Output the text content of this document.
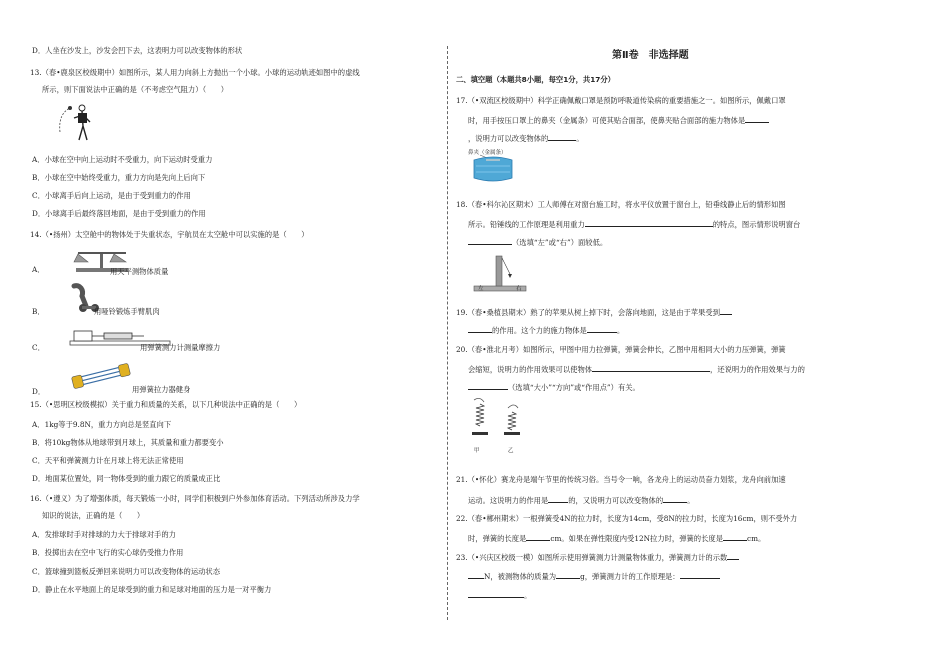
D．人坐在沙发上，沙发会凹下去，这表明力可以改变物体的形状
13.（春•鹿泉区校级期中）如图所示，某人用力向斜上方抛出一个小球。小球的运动轨迹如图中的虚线
所示，则下面说法中正确的是（不考虑空气阻力）（　　）
A．小球在空中向上运动时不受重力，向下运动时受重力
B．小球在空中始终受重力，重力方向是先向上后向下
C．小球离手后向上运动，是由于受到重力的作用
D．小球离手后最终落回地面，是由于受到重力的作用
14.（•扬州）太空舱中的物体处于失重状态，宇航员在太空舱中可以实施的是（　　）
A．	用天平测物体质量
B．	用哑铃锻炼手臂肌肉
C．	用弹簧测力计测量摩擦力
D．	用弹簧拉力器健身
15.（•思明区校级模拟）关于重力和质量的关系，以下几种说法中正确的是（　　）
A．1kg等于9.8N，重力方向总是竖直向下
B．将10kg物体从地球带到月球上，其质量和重力都要变小
C．天平和弹簧测力计在月球上将无法正常使用
D．地面某位置处，同一物体受到的重力跟它的质量成正比
16.（•遵义）为了增强体质，每天锻炼一小时，同学们积极到户外参加体育活动。下列活动所涉及力学
知识的说法，正确的是（　　）
A．发排球时手对排球的力大于排球对手的力
B．投掷出去在空中飞行的实心球仍受推力作用
C．篮球撞到篮板反弹回来说明力可以改变物体的运动状态
D．静止在水平地面上的足球受到的重力和足球对地面的压力是一对平衡力
第Ⅱ卷　非选择题
二、填空题（本题共8小题，每空1分，共17分）
17.（•双流区校级期中）科学正确佩戴口罩是预防呼吸道传染病的重要措施之一。如图所示，佩戴口罩
时，用手按压口罩上的鼻夹（金属条）可使其贴合面部，使鼻夹贴合面部的施力物体是
，说明力可以改变物体的	。
鼻夹（金属条）
18.（春•科尔沁区期末）工人师傅在对窗台施工时，将水平仪放置于窗台上，铅垂线静止后的情形如图
所示。铅锤线的工作原理是利用重力	的特点，图示情形说明窗台
（选填“左”或“右”）面较低。
左	右
19.（春•桑植县期末）熟了的苹果从树上掉下时，会落向地面，这是由于苹果受到
的作用。这个力的施力物体是	。
20.（春•淮北月考）如图所示，甲图中用力拉弹簧，弹簧会伸长，乙图中用相同大小的力压弹簧，弹簧
会缩短，说明力的作用效果可以使物体	，还说明力的作用效果与力的
（选填“大小”“方向”或“作用点”）有关。
甲	乙
21.（•怀化）赛龙舟是端午节里的传统习俗。当号令一响，各龙舟上的运动员奋力划浆，龙舟向前加速
运动。这说明力的作用是	的，又说明力可以改变物体的	。
22.（春•郴州期末）一根弹簧受4N的拉力时，长度为14cm，受8N的拉力时，长度为16cm，则不受外力
时，弹簧的长度是	cm。如果在弹性限度内受12N拉力时，弹簧的长度是	cm。
23.（•兴庆区校级一模）如图所示使用弹簧测力计测量物体重力，弹簧测力计的示数
N，被测物体的质量为	g，弹簧测力计的工作原理是：
。
